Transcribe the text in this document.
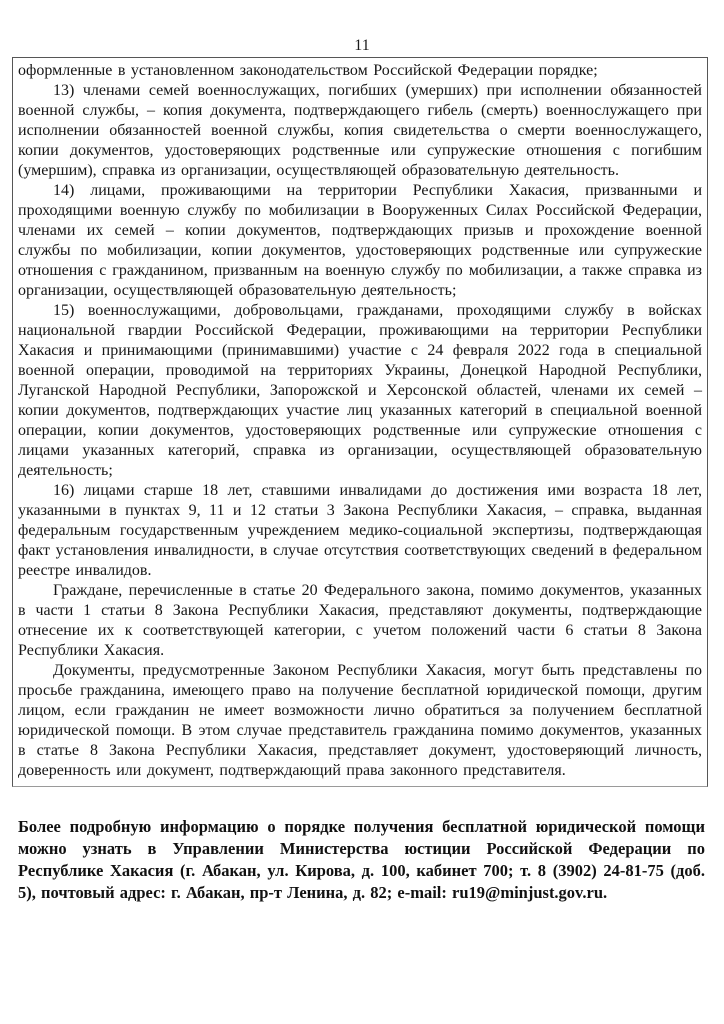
11

оформленные в установленном законодательством Российской Федерации порядке;

13) членами семей военнослужащих, погибших (умерших) при исполнении обязанностей военной службы, – копия документа, подтверждающего гибель (смерть) военнослужащего при исполнении обязанностей военной службы, копия свидетельства о смерти военнослужащего, копии документов, удостоверяющих родственные или супружеские отношения с погибшим (умершим), справка из организации, осуществляющей образовательную деятельность.

14) лицами, проживающими на территории Республики Хакасия, призванными и проходящими военную службу по мобилизации в Вооруженных Силах Российской Федерации, членами их семей – копии документов, подтверждающих призыв и прохождение военной службы по мобилизации, копии документов, удостоверяющих родственные или супружеские отношения с гражданином, призванным на военную службу по мобилизации, а также справка из организации, осуществляющей образовательную деятельность;

15) военнослужащими, добровольцами, гражданами, проходящими службу в войсках национальной гвардии Российской Федерации, проживающими на территории Республики Хакасия и принимающими (принимавшими) участие с 24 февраля 2022 года в специальной военной операции, проводимой на территориях Украины, Донецкой Народной Республики, Луганской Народной Республики, Запорожской и Херсонской областей, членами их семей – копии документов, подтверждающих участие лиц указанных категорий в специальной военной операции, копии документов, удостоверяющих родственные или супружеские отношения с лицами указанных категорий, справка из организации, осуществляющей образовательную деятельность;

16) лицами старше 18 лет, ставшими инвалидами до достижения ими возраста 18 лет, указанными в пунктах 9, 11 и 12 статьи 3 Закона Республики Хакасия, – справка, выданная федеральным государственным учреждением медико-социальной экспертизы, подтверждающая факт установления инвалидности, в случае отсутствия соответствующих сведений в федеральном реестре инвалидов.

Граждане, перечисленные в статье 20 Федерального закона, помимо документов, указанных в части 1 статьи 8 Закона Республики Хакасия, представляют документы, подтверждающие отнесение их к соответствующей категории, с учетом положений части 6 статьи 8 Закона Республики Хакасия.

Документы, предусмотренные Законом Республики Хакасия, могут быть представлены по просьбе гражданина, имеющего право на получение бесплатной юридической помощи, другим лицом, если гражданин не имеет возможности лично обратиться за получением бесплатной юридической помощи. В этом случае представитель гражданина помимо документов, указанных в статье 8 Закона Республики Хакасия, представляет документ, удостоверяющий личность, доверенность или документ, подтверждающий права законного представителя.

Более подробную информацию о порядке получения бесплатной юридической помощи можно узнать в Управлении Министерства юстиции Российской Федерации по Республике Хакасия (г. Абакан, ул. Кирова, д. 100, кабинет 700; т. 8 (3902) 24-81-75 (доб. 5), почтовый адрес: г. Абакан, пр-т Ленина, д. 82; e-mail: ru19@minjust.gov.ru.
